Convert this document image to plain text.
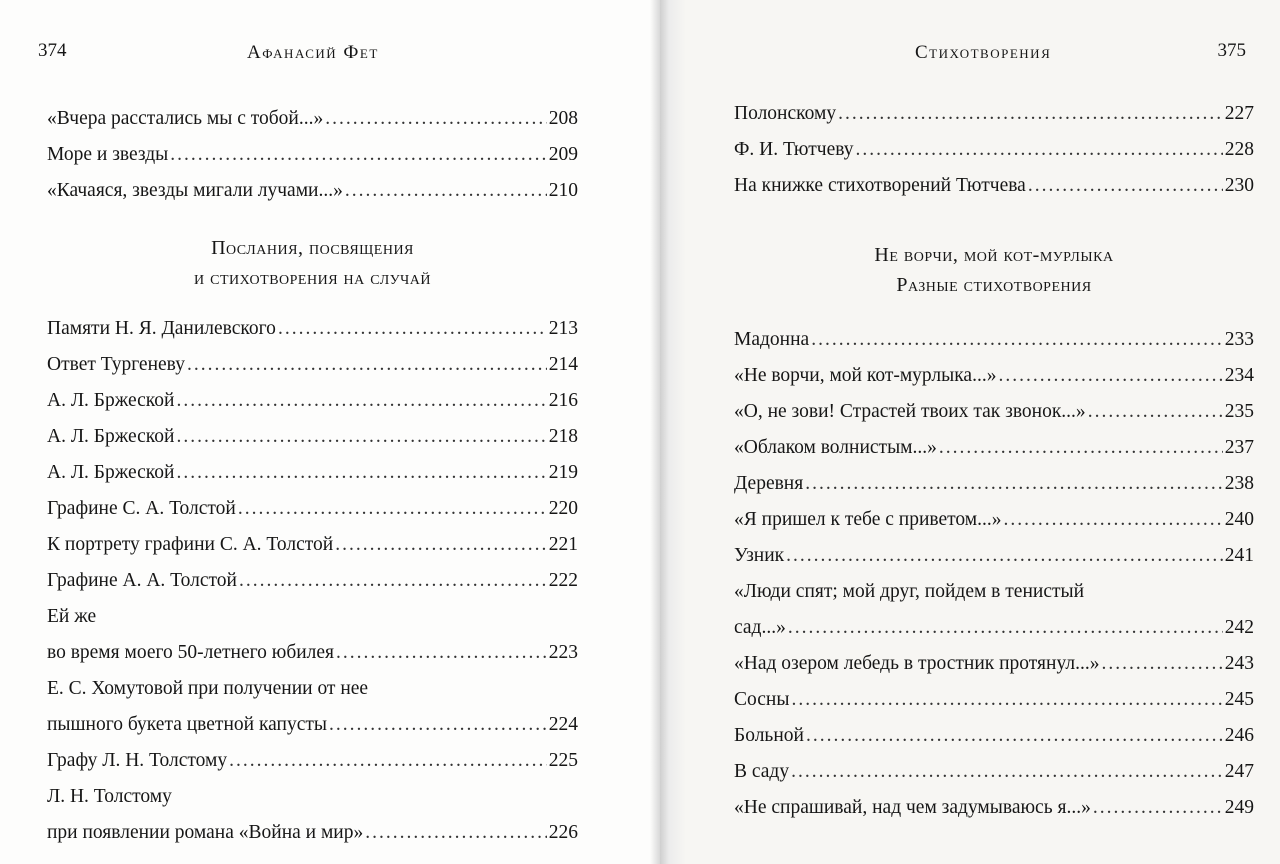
374	Афанасий Фет
«Вчера расстались мы с тобой...» .....	208
Море и звезды .....	209
«Качаяся, звезды мигали лучами...» .....	210
Послания, посвящения
и стихотворения на случай
Памяти Н. Я. Данилевского .....	213
Ответ Тургеневу .....	214
А. Л. Бржеской .....	216
А. Л. Бржеской .....	218
А. Л. Бржеской .....	219
Графине С. А. Толстой .....	220
К портрету графини С. А. Толстой .....	221
Графине А. А. Толстой .....	222
Ей же
во время моего 50-летнего юбилея .....	223
Е. С. Хомутовой при получении от нее
пышного букета цветной капусты .....	224
Графу Л. Н. Толстому .....	225
Л. Н. Толстому
при появлении романа «Война и мир» .....	226
Стихотворения	375
Полонскому .....	227
Ф. И. Тютчеву .....	228
На книжке стихотворений Тютчева .....	230
Не ворчи, мой кот-мурлыка
Разные стихотворения
Мадонна .....	233
«Не ворчи, мой кот-мурлыка...» .....	234
«О, не зови! Страстей твоих так звонок...» .....	235
«Облаком волнистым...» .....	237
Деревня .....	238
«Я пришел к тебе с приветом...» .....	240
Узник .....	241
«Люди спят; мой друг, пойдем в тенистый
сад...» .....	242
«Над озером лебедь в тростник протянул...» .....	243
Сосны .....	245
Больной .....	246
В саду .....	247
«Не спрашивай, над чем задумываюсь я...» .....	249
